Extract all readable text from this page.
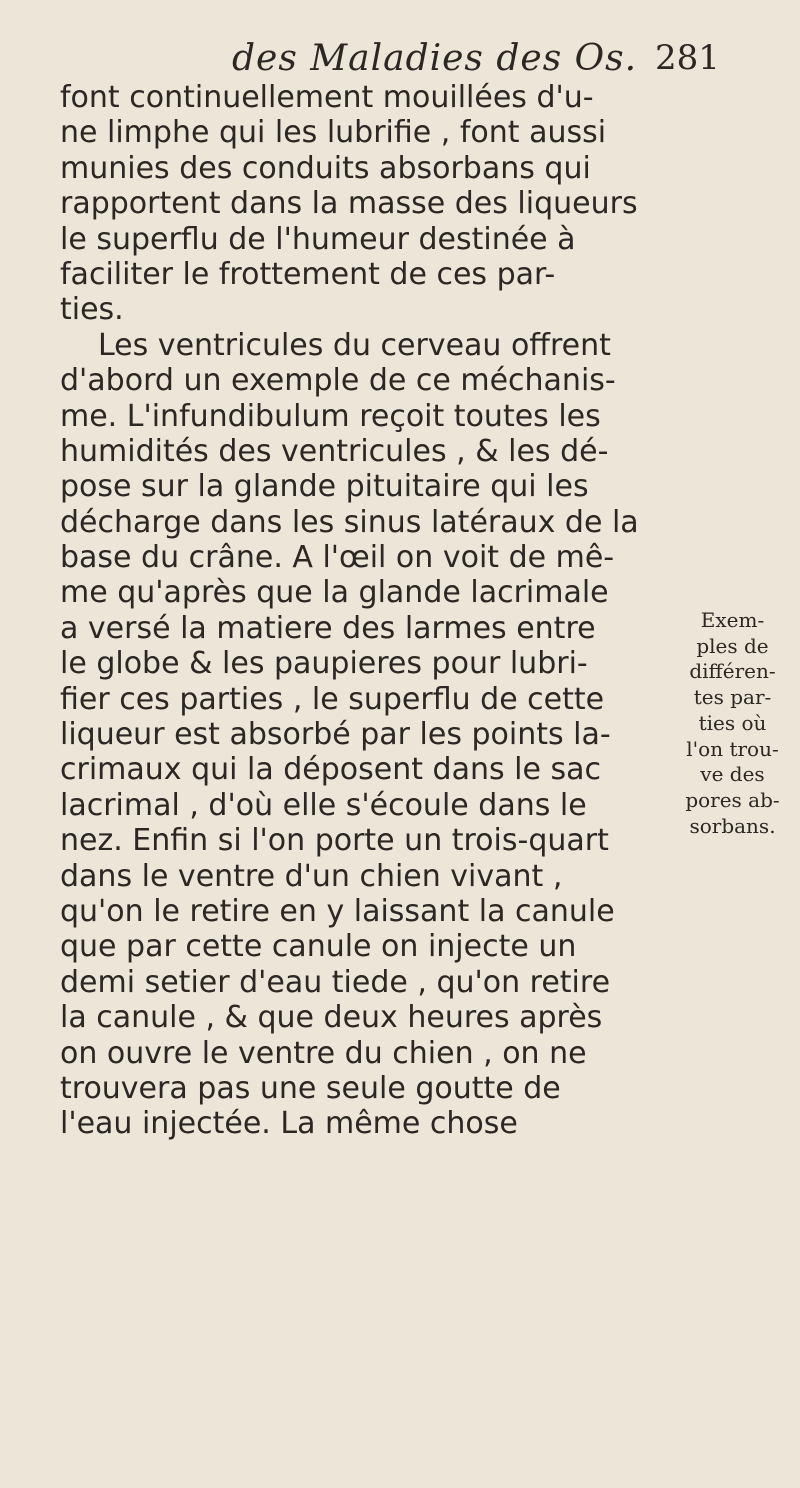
des Maladies des Os. 281
font continuellement mouillées d'u-
ne limphe qui les lubrifie , font aussi
munies des conduits absorbans qui
rapportent dans la masse des liqueurs
le superflu de l'humeur destinée à
faciliter le frottement de ces par-
ties.
Les ventricules du cerveau offrent
d'abord un exemple de ce méchanis-
me. L'infundibulum reçoit toutes les
humidités des ventricules , & les dé-
pose sur la glande pituitaire qui les
décharge dans les sinus latéraux de la
base du crâne. A l'œil on voit de mê-
me qu'après que la glande lacrimale
a versé la matiere des larmes entre
le globe & les paupieres pour lubri-
fier ces parties , le superflu de cette
liqueur est absorbé par les points la-
crimaux qui la déposent dans le sac
lacrimal , d'où elle s'écoule dans le
nez. Enfin si l'on porte un trois-quart
dans le ventre d'un chien vivant ,
qu'on le retire en y laissant la canule
que par cette canule on injecte un
demi setier d'eau tiede , qu'on retire
la canule , & que deux heures après
on ouvre le ventre du chien , on ne
trouvera pas une seule goutte de
l'eau injectée. La même chose
Exem-
ples de
différen-
tes par-
ties où
l'on trou-
ve des
pores ab-
sorbans.
